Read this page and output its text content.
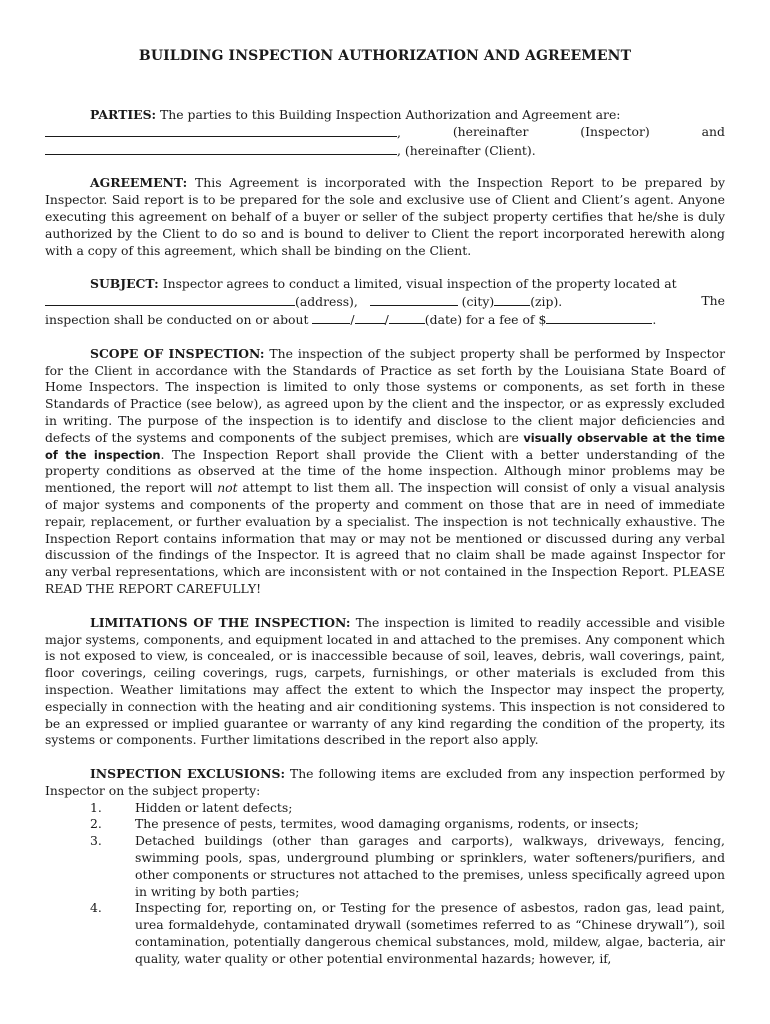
BUILDING INSPECTION AUTHORIZATION AND AGREEMENT

PARTIES: The parties to this Building Inspection Authorization and Agreement are:

,	(hereinafter	(Inspector)	and
, (hereinafter (Client).

AGREEMENT: This Agreement is incorporated with the Inspection Report to be prepared by Inspector. Said report is to be prepared for the sole and exclusive use of Client and Client’s agent. Anyone executing this agreement on behalf of a buyer or seller of the subject property certifies that he/she is duly authorized by the Client to do so and is bound to deliver to Client the report incorporated herewith along with a copy of this agreement, which shall be binding on the Client.

SUBJECT: Inspector agrees to conduct a limited, visual inspection of the property located at

(address),	(city)	(zip).	The
inspection shall be conducted on or about	/ /	(date) for a fee of $	.

SCOPE OF INSPECTION: The inspection of the subject property shall be performed by Inspector for the Client in accordance with the Standards of Practice as set forth by the Louisiana State Board of Home Inspectors. The inspection is limited to only those systems or components, as set forth in these Standards of Practice (see below), as agreed upon by the client and the inspector, or as expressly excluded in writing. The purpose of the inspection is to identify and disclose to the client major deficiencies and defects of the systems and components of the subject premises, which are visually observable at the time of the inspection. The Inspection Report shall provide the Client with a better understanding of the property conditions as observed at the time of the home inspection. Although minor problems may be mentioned, the report will not attempt to list them all. The inspection will consist of only a visual analysis of major systems and components of the property and comment on those that are in need of immediate repair, replacement, or further evaluation by a specialist. The inspection is not technically exhaustive. The Inspection Report contains information that may or may not be mentioned or discussed during any verbal discussion of the findings of the Inspector. It is agreed that no claim shall be made against Inspector for any verbal representations, which are inconsistent with or not contained in the Inspection Report. PLEASE READ THE REPORT CAREFULLY!

LIMITATIONS OF THE INSPECTION: The inspection is limited to readily accessible and visible major systems, components, and equipment located in and attached to the premises. Any component which is not exposed to view, is concealed, or is inaccessible because of soil, leaves, debris, wall coverings, paint, floor coverings, ceiling coverings, rugs, carpets, furnishings, or other materials is excluded from this inspection. Weather limitations may affect the extent to which the Inspector may inspect the property, especially in connection with the heating and air conditioning systems. This inspection is not considered to be an expressed or implied guarantee or warranty of any kind regarding the condition of the property, its systems or components. Further limitations described in the report also apply.

INSPECTION EXCLUSIONS: The following items are excluded from any inspection performed by Inspector on the subject property:

1.	Hidden or latent defects;
2.	The presence of pests, termites, wood damaging organisms, rodents, or insects;
3.	Detached buildings (other than garages and carports), walkways, driveways, fencing, swimming pools, spas, underground plumbing or sprinklers, water softeners/purifiers, and other components or structures not attached to the premises, unless specifically agreed upon in writing by both parties;
4.	Inspecting for, reporting on, or Testing for the presence of asbestos, radon gas, lead paint, urea formaldehyde, contaminated drywall (sometimes referred to as “Chinese drywall”), soil contamination, potentially dangerous chemical substances, mold, mildew, algae, bacteria, air quality, water quality or other potential environmental hazards; however, if,
